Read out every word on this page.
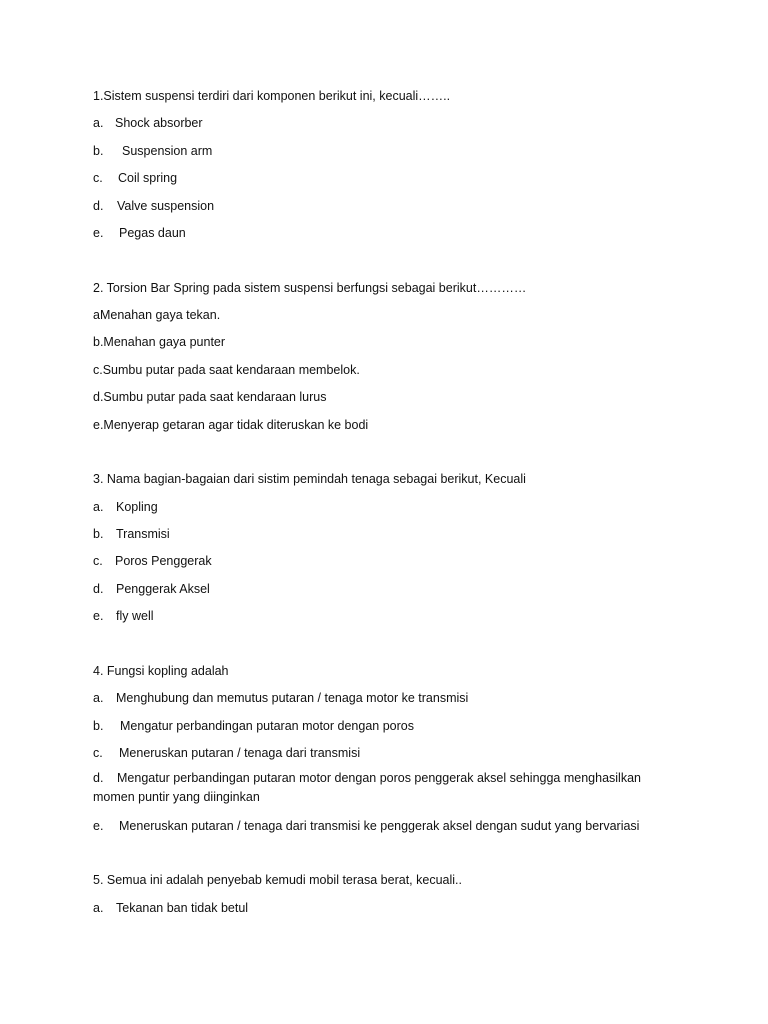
1.Sistem suspensi terdiri dari komponen berikut ini, kecuali……..
a. Shock absorber
b. Suspension arm
c. Coil spring
d. Valve suspension
e. Pegas daun
2. Torsion Bar Spring pada sistem suspensi berfungsi sebagai berikut…………
aMenahan gaya tekan.
b.Menahan gaya punter
c.Sumbu putar pada saat kendaraan membelok.
d.Sumbu putar pada saat kendaraan lurus
e.Menyerap getaran agar tidak diteruskan ke bodi
3. Nama bagian-bagaian dari sistim pemindah tenaga sebagai berikut, Kecuali
a. Kopling
b. Transmisi
c. Poros Penggerak
d. Penggerak Aksel
e. fly well
4. Fungsi kopling adalah
a. Menghubung dan memutus putaran / tenaga motor ke transmisi
b. Mengatur perbandingan putaran motor dengan poros
c. Meneruskan putaran / tenaga dari transmisi
d. Mengatur perbandingan putaran motor dengan poros penggerak aksel sehingga menghasilkan momen puntir yang diinginkan
e. Meneruskan putaran / tenaga dari transmisi ke penggerak aksel dengan sudut yang bervariasi
5. Semua ini adalah penyebab kemudi mobil terasa berat, kecuali..
a. Tekanan ban tidak betul
